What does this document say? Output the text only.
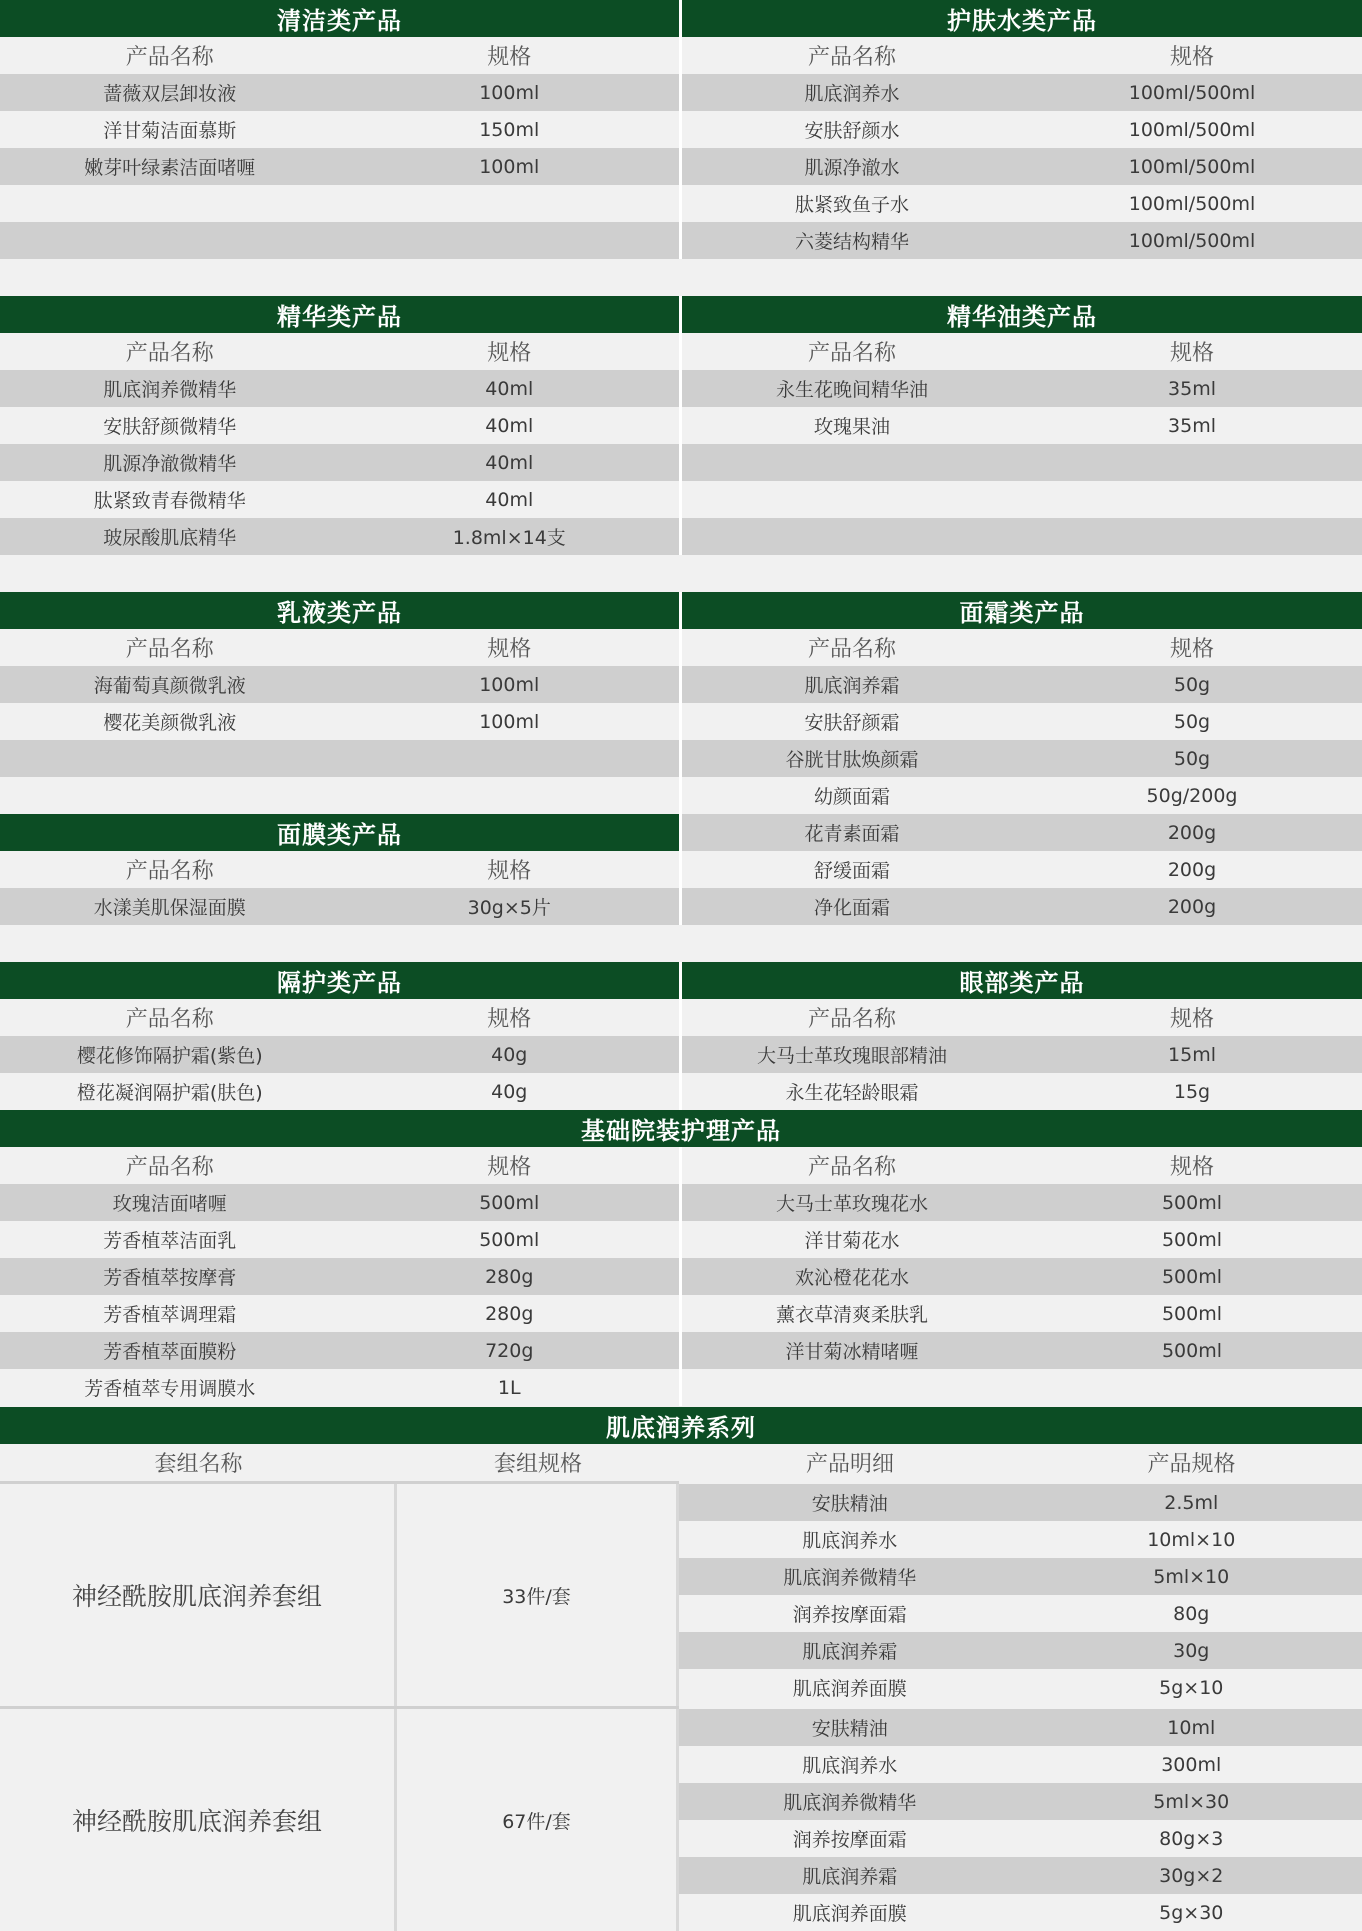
清洁类产品
产品名称	规格
蔷薇双层卸妆液	100ml
洋甘菊洁面慕斯	150ml
嫩芽叶绿素洁面啫喱	100ml
护肤水类产品
产品名称	规格
肌底润养水	100ml/500ml
安肤舒颜水	100ml/500ml
肌源净澈水	100ml/500ml
肽紧致鱼子水	100ml/500ml
六菱结构精华	100ml/500ml
精华类产品
产品名称	规格
肌底润养微精华	40ml
安肤舒颜微精华	40ml
肌源净澈微精华	40ml
肽紧致青春微精华	40ml
玻尿酸肌底精华	1.8ml×14支
精华油类产品
产品名称	规格
永生花晚间精华油	35ml
玫瑰果油	35ml
乳液类产品
产品名称	规格
海葡萄真颜微乳液	100ml
樱花美颜微乳液	100ml
面膜类产品
产品名称	规格
水漾美肌保湿面膜	30g×5片
面霜类产品
产品名称	规格
肌底润养霜	50g
安肤舒颜霜	50g
谷胱甘肽焕颜霜	50g
幼颜面霜	50g/200g
花青素面霜	200g
舒缓面霜	200g
净化面霜	200g
隔护类产品
产品名称	规格
樱花修饰隔护霜(紫色)	40g
橙花凝润隔护霜(肤色)	40g
眼部类产品
产品名称	规格
大马士革玫瑰眼部精油	15ml
永生花轻龄眼霜	15g
基础院装护理产品
产品名称	规格
玫瑰洁面啫喱	500ml
芳香植萃洁面乳	500ml
芳香植萃按摩膏	280g
芳香植萃调理霜	280g
芳香植萃面膜粉	720g
芳香植萃专用调膜水	1L
产品名称	规格
大马士革玫瑰花水	500ml
洋甘菊花水	500ml
欢沁橙花花水	500ml
薰衣草清爽柔肤乳	500ml
洋甘菊冰精啫喱	500ml
肌底润养系列
套组名称	套组规格	产品明细	产品规格
神经酰胺肌底润养套组	33件/套
安肤精油	2.5ml
肌底润养水	10ml×10
肌底润养微精华	5ml×10
润养按摩面霜	80g
肌底润养霜	30g
肌底润养面膜	5g×10
神经酰胺肌底润养套组	67件/套
安肤精油	10ml
肌底润养水	300ml
肌底润养微精华	5ml×30
润养按摩面霜	80g×3
肌底润养霜	30g×2
肌底润养面膜	5g×30
